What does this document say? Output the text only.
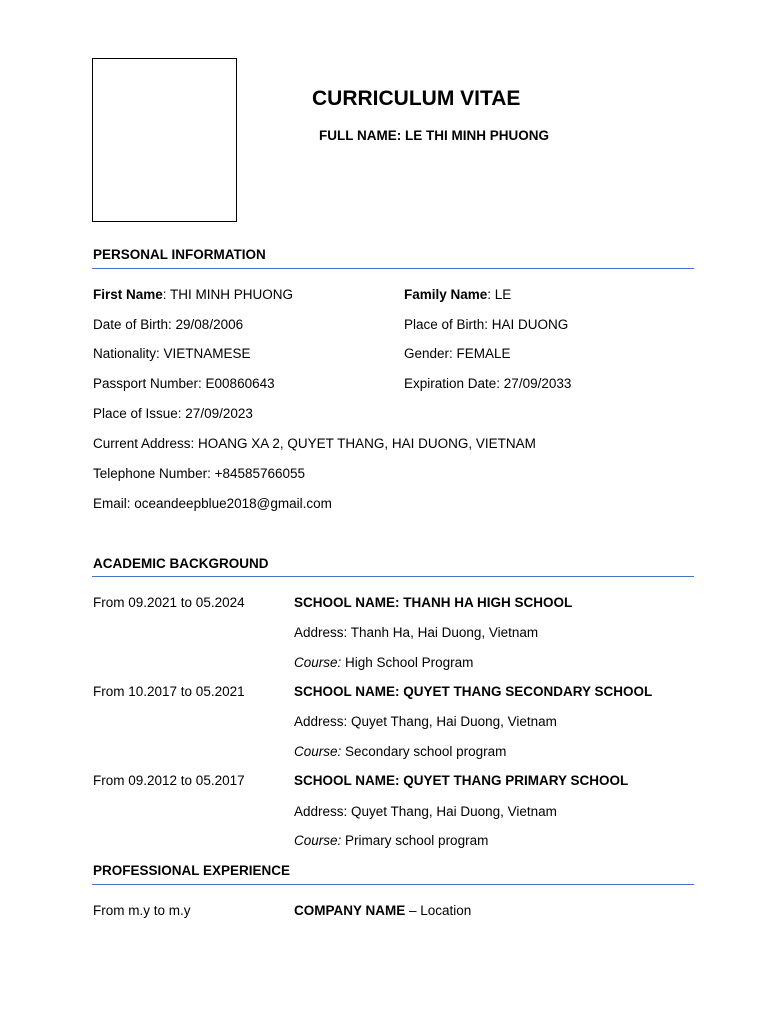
CURRICULUM VITAE
FULL NAME: LE THI MINH PHUONG
PERSONAL INFORMATION
First Name: THI MINH PHUONG	Family Name: LE
Date of Birth: 29/08/2006	Place of Birth: HAI DUONG
Nationality: VIETNAMESE	Gender: FEMALE
Passport Number: E00860643	Expiration Date: 27/09/2033
Place of Issue: 27/09/2023
Current Address: HOANG XA 2, QUYET THANG, HAI DUONG, VIETNAM
Telephone Number: +84585766055
Email: oceandeepblue2018@gmail.com
ACADEMIC BACKGROUND
From 09.2021 to 05.2024	SCHOOL NAME: THANH HA HIGH SCHOOL
Address: Thanh Ha, Hai Duong, Vietnam
Course: High School Program
From 10.2017 to 05.2021	SCHOOL NAME: QUYET THANG SECONDARY SCHOOL
Address: Quyet Thang, Hai Duong, Vietnam
Course: Secondary school program
From 09.2012 to 05.2017	SCHOOL NAME: QUYET THANG PRIMARY SCHOOL
Address: Quyet Thang, Hai Duong, Vietnam
Course: Primary school program
PROFESSIONAL EXPERIENCE
From m.y to m.y	COMPANY NAME – Location
